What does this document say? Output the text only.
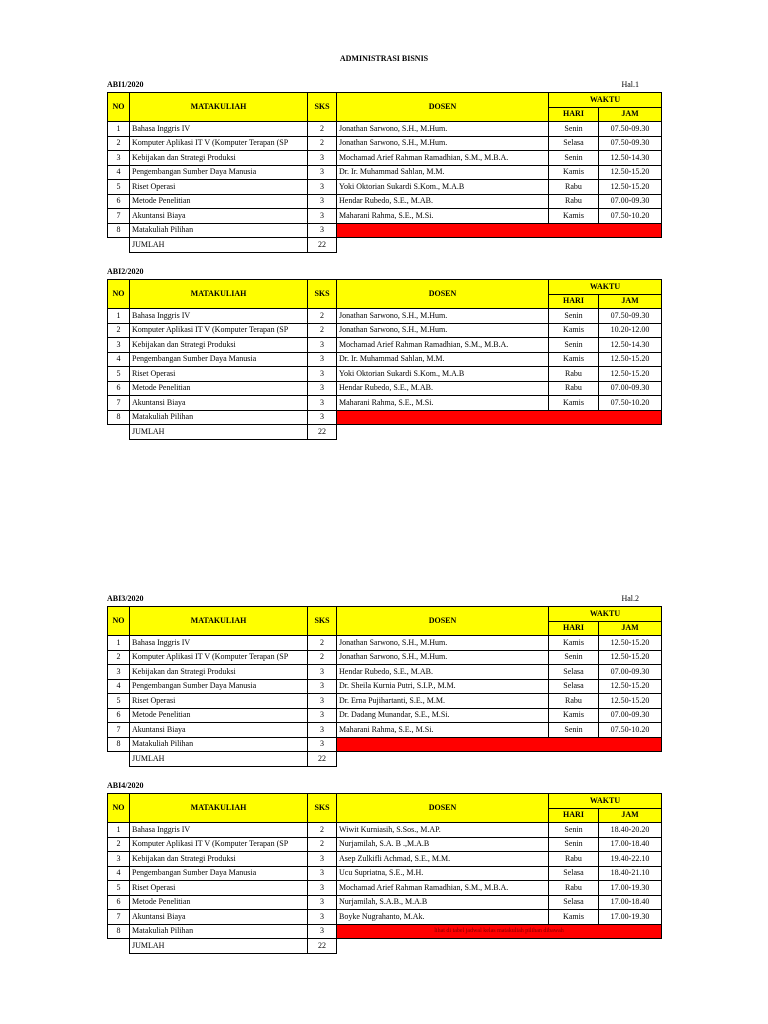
ADMINISTRASI BISNIS
ABI1/2020	Hal.1
NO	MATAKULIAH	SKS	DOSEN	WAKTU	
				HARI	JAM
1	Bahasa Inggris IV	2	Jonathan Sarwono, S.H., M.Hum.	Senin	07.50-09.30
2	Komputer Aplikasi IT V (Komputer Terapan (SP	2	Jonathan Sarwono, S.H., M.Hum.	Selasa	07.50-09.30
3	Kebijakan dan Strategi Produksi	3	Mochamad Arief Rahman Ramadhian, S.M., M.B.A.	Senin	12.50-14.30
4	Pengembangan Sumber Daya Manusia	3	Dr. Ir. Muhammad Sahlan, M.M.	Kamis	12.50-15.20
5	Riset Operasi	3	Yoki Oktorian Sukardi S.Kom., M.A.B	Rabu	12.50-15.20
6	Metode Penelitian	3	Hendar Rubedo, S.E., M.AB.	Rabu	07.00-09.30
7	Akuntansi Biaya	3	Maharani Rahma, S.E., M.Si.	Kamis	07.50-10.20
8	Matakuliah Pilihan	3			
	JUMLAH	22			
ABI2/2020
NO	MATAKULIAH	SKS	DOSEN	WAKTU	
				HARI	JAM
1	Bahasa Inggris IV	2	Jonathan Sarwono, S.H., M.Hum.	Senin	07.50-09.30
2	Komputer Aplikasi IT V (Komputer Terapan (SP	2	Jonathan Sarwono, S.H., M.Hum.	Kamis	10.20-12.00
3	Kebijakan dan Strategi Produksi	3	Mochamad Arief Rahman Ramadhian, S.M., M.B.A.	Senin	12.50-14.30
4	Pengembangan Sumber Daya Manusia	3	Dr. Ir. Muhammad Sahlan, M.M.	Kamis	12.50-15.20
5	Riset Operasi	3	Yoki Oktorian Sukardi S.Kom., M.A.B	Rabu	12.50-15.20
6	Metode Penelitian	3	Hendar Rubedo, S.E., M.AB.	Rabu	07.00-09.30
7	Akuntansi Biaya	3	Maharani Rahma, S.E., M.Si.	Kamis	07.50-10.20
8	Matakuliah Pilihan	3			
	JUMLAH	22			
ABI3/2020	Hal.2
NO	MATAKULIAH	SKS	DOSEN	WAKTU	
				HARI	JAM
1	Bahasa Inggris IV	2	Jonathan Sarwono, S.H., M.Hum.	Kamis	12.50-15.20
2	Komputer Aplikasi IT V (Komputer Terapan (SP	2	Jonathan Sarwono, S.H., M.Hum.	Senin	12.50-15.20
3	Kebijakan dan Strategi Produksi	3	Hendar Rubedo, S.E., M.AB.	Selasa	07.00-09.30
4	Pengembangan Sumber Daya Manusia	3	Dr. Sheila Kurnia Putri, S.I.P., M.M.	Selasa	12.50-15.20
5	Riset Operasi	3	Dr. Erna Pujihartanti, S.E., M.M.	Rabu	12.50-15.20
6	Metode Penelitian	3	Dr. Dadang Munandar, S.E., M.Si.	Kamis	07.00-09.30
7	Akuntansi Biaya	3	Maharani Rahma, S.E., M.Si.	Senin	07.50-10.20
8	Matakuliah Pilihan	3			
	JUMLAH	22			
ABI4/2020
NO	MATAKULIAH	SKS	DOSEN	WAKTU	
				HARI	JAM
1	Bahasa Inggris IV	2	Wiwit Kurniasih, S.Sos., M.AP.	Senin	18.40-20.20
2	Komputer Aplikasi IT V (Komputer Terapan (SP	2	Nurjamilah, S.A. B .,M.A.B	Senin	17.00-18.40
3	Kebijakan dan Strategi Produksi	3	Asep Zulkifli Achmad, S.E., M.M.	Rabu	19.40-22.10
4	Pengembangan Sumber Daya Manusia	3	Ucu Supriatna, S.E., M.H.	Selasa	18.40-21.10
5	Riset Operasi	3	Mochamad Arief Rahman Ramadhian, S.M., M.B.A.	Rabu	17.00-19.30
6	Metode Penelitian	3	Nurjamilah, S.A.B., M.A.B	Selasa	17.00-18.40
7	Akuntansi Biaya	3	Boyke Nugrahanto, M.Ak.	Kamis	17.00-19.30
8	Matakuliah Pilihan	3	lihat di tabel jadwal kelas matakuliah pilihan dibawah		
	JUMLAH	22			
